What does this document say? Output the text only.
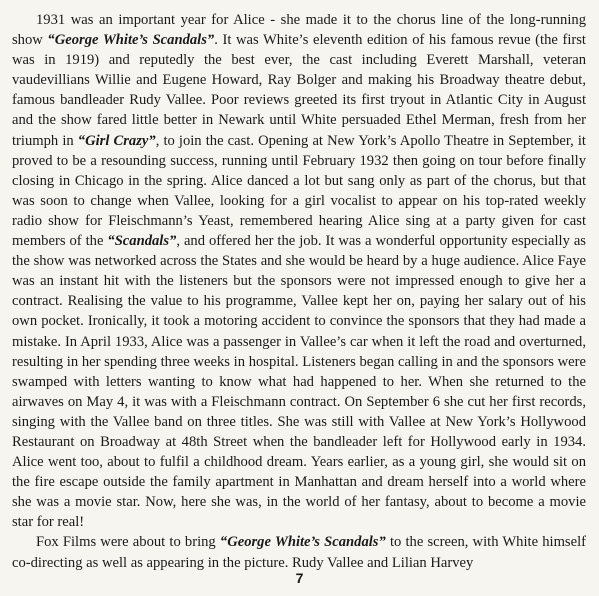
1931 was an important year for Alice - she made it to the chorus line of the long-running show “George White’s Scandals”. It was White’s eleventh edition of his famous revue (the first was in 1919) and reputedly the best ever, the cast including Everett Marshall, veteran vaudevillians Willie and Eugene Howard, Ray Bolger and making his Broadway theatre debut, famous bandleader Rudy Vallee. Poor reviews greeted its first tryout in Atlantic City in August and the show fared little better in Newark until White persuaded Ethel Merman, fresh from her triumph in “Girl Crazy”, to join the cast. Opening at New York’s Apollo Theatre in September, it proved to be a resounding success, running until February 1932 then going on tour before finally closing in Chicago in the spring. Alice danced a lot but sang only as part of the chorus, but that was soon to change when Vallee, looking for a girl vocalist to appear on his top-rated weekly radio show for Fleischmann’s Yeast, remembered hearing Alice sing at a party given for cast members of the “Scandals”, and offered her the job. It was a wonderful opportunity especially as the show was networked across the States and she would be heard by a huge audience. Alice Faye was an instant hit with the listeners but the sponsors were not impressed enough to give her a contract. Realising the value to his programme, Vallee kept her on, paying her salary out of his own pocket. Ironically, it took a motoring accident to convince the sponsors that they had made a mistake. In April 1933, Alice was a passenger in Vallee’s car when it left the road and overturned, resulting in her spending three weeks in hospital. Listeners began calling in and the sponsors were swamped with letters wanting to know what had happened to her. When she returned to the airwaves on May 4, it was with a Fleischmann contract. On September 6 she cut her first records, singing with the Vallee band on three titles. She was still with Vallee at New York’s Hollywood Restaurant on Broadway at 48th Street when the bandleader left for Hollywood early in 1934. Alice went too, about to fulfil a childhood dream. Years earlier, as a young girl, she would sit on the fire escape outside the family apartment in Manhattan and dream herself into a world where she was a movie star. Now, here she was, in the world of her fantasy, about to become a movie star for real!

Fox Films were about to bring “George White’s Scandals” to the screen, with White himself co-directing as well as appearing in the picture. Rudy Vallee and Lilian Harvey

7
